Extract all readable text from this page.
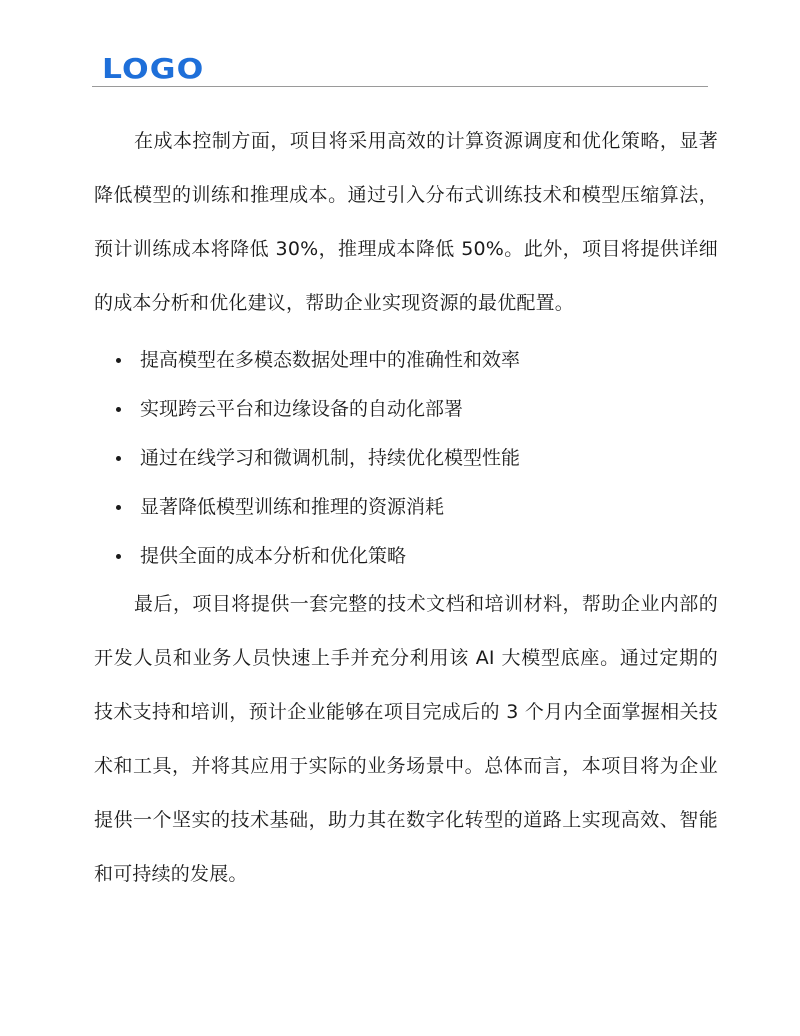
LOGO

在成本控制方面，项目将采用高效的计算资源调度和优化策略，显著降低模型的训练和推理成本。通过引入分布式训练技术和模型压缩算法，预计训练成本将降低 30%，推理成本降低 50%。此外，项目将提供详细的成本分析和优化建议，帮助企业实现资源的最优配置。

提高模型在多模态数据处理中的准确性和效率
实现跨云平台和边缘设备的自动化部署
通过在线学习和微调机制，持续优化模型性能
显著降低模型训练和推理的资源消耗
提供全面的成本分析和优化策略

最后，项目将提供一套完整的技术文档和培训材料，帮助企业内部的开发人员和业务人员快速上手并充分利用该 AI 大模型底座。通过定期的技术支持和培训，预计企业能够在项目完成后的 3 个月内全面掌握相关技术和工具，并将其应用于实际的业务场景中。总体而言，本项目将为企业提供一个坚实的技术基础，助力其在数字化转型的道路上实现高效、智能和可持续的发展。
